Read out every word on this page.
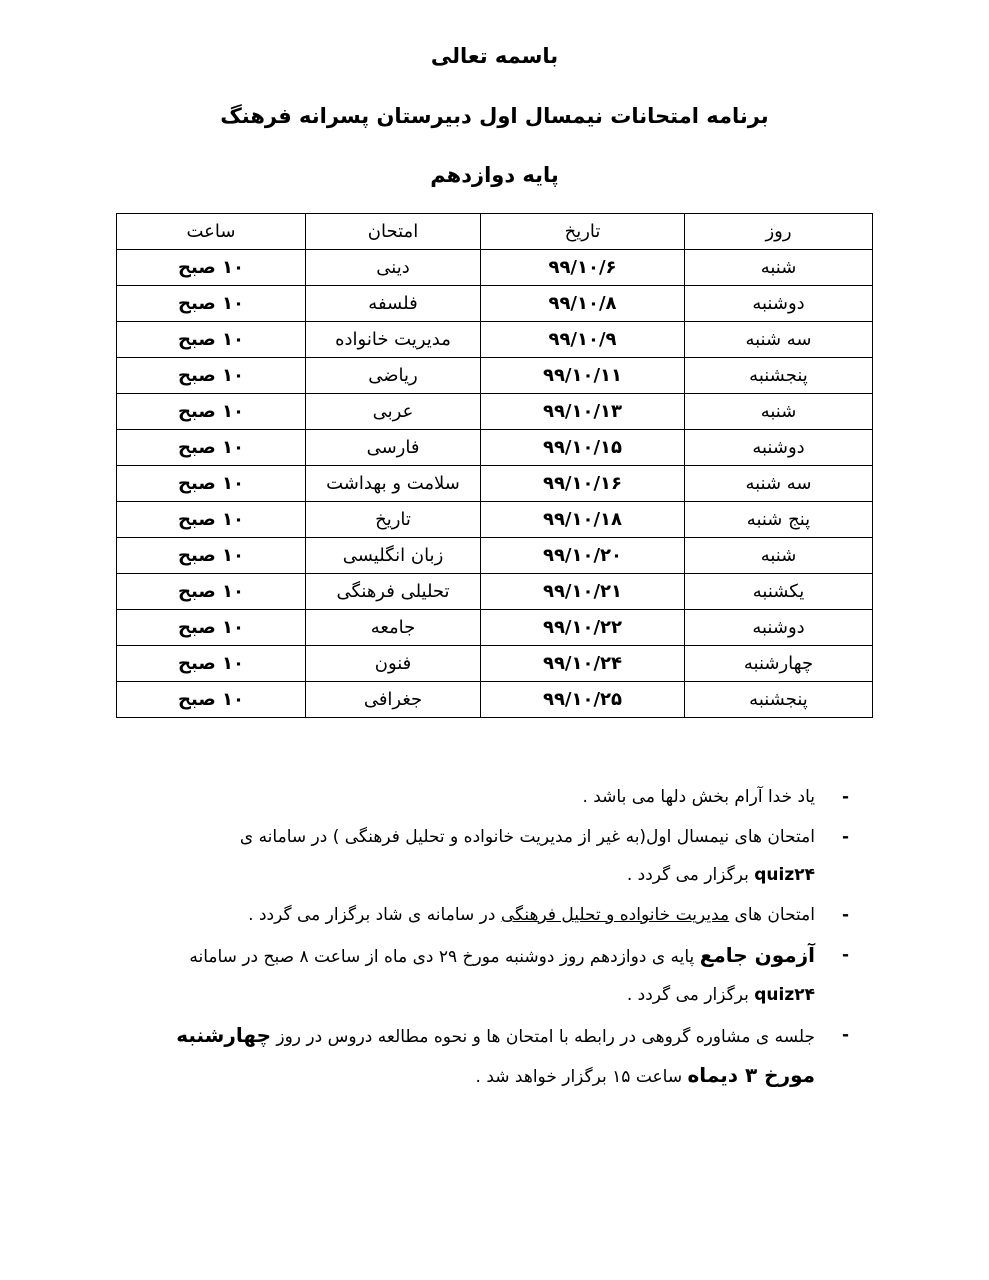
باسمه تعالی
برنامه امتحانات نیمسال اول دبیرستان پسرانه فرهنگ
پایه دوازدهم
روز	تاریخ	امتحان	ساعت
شنبه	۹۹/۱۰/۶	دینی	۱۰ صبح
دوشنبه	۹۹/۱۰/۸	فلسفه	۱۰ صبح
سه شنبه	۹۹/۱۰/۹	مدیریت خانواده	۱۰ صبح
پنجشنبه	۹۹/۱۰/۱۱	ریاضی	۱۰ صبح
شنبه	۹۹/۱۰/۱۳	عربی	۱۰ صبح
دوشنبه	۹۹/۱۰/۱۵	فارسی	۱۰ صبح
سه شنبه	۹۹/۱۰/۱۶	سلامت و بهداشت	۱۰ صبح
پنج شنبه	۹۹/۱۰/۱۸	تاریخ	۱۰ صبح
شنبه	۹۹/۱۰/۲۰	زبان انگلیسی	۱۰ صبح
یکشنبه	۹۹/۱۰/۲۱	تحلیلی فرهنگی	۱۰ صبح
دوشنبه	۹۹/۱۰/۲۲	جامعه	۱۰ صبح
چهارشنبه	۹۹/۱۰/۲۴	فنون	۱۰ صبح
پنجشنبه	۹۹/۱۰/۲۵	جغرافی	۱۰ صبح
-
یاد خدا آرام بخش دلها می باشد .
-
امتحان های نیمسال اول(به غیر از مدیریت خانواده و تحلیل فرهنگی ) در سامانه ی
quiz۲۴ برگزار می گردد .
-
امتحان های مدیریت خانواده و تحلیل فرهنگی در سامانه ی شاد برگزار می گردد .
-
آزمون جامع پایه ی دوازدهم روز دوشنبه مورخ ۲۹ دی ماه از ساعت ۸ صبح در سامانه
quiz۲۴ برگزار می گردد .
-
جلسه ی مشاوره گروهی در رابطه با امتحان ها و نحوه مطالعه دروس در روز چهارشنبه مورخ ۳ دیماه ساعت ۱۵ برگزار خواهد شد .
